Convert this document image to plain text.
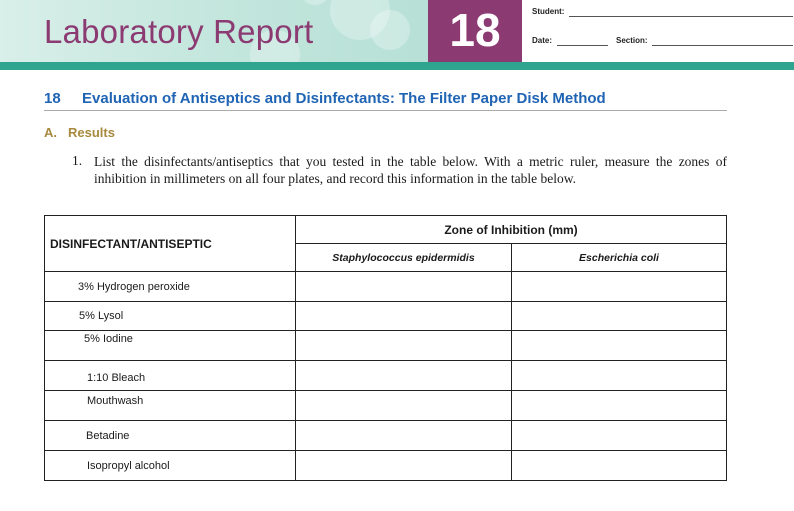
Laboratory Report	18	Student:
Date:	Section:
18 Evaluation of Antiseptics and Disinfectants: The Filter Paper Disk Method
A. Results
1. List the disinfectants/antiseptics that you tested in the table below. With a metric ruler, measure the zones of inhibition in millimeters on all four plates, and record this information in the table below.
DISINFECTANT/ANTISEPTIC	Zone of Inhibition (mm)	
	Staphylococcus epidermidis	Escherichia coli
3% Hydrogen peroxide		
5% Lysol		
5% Iodine		
1:10 Bleach		
Mouthwash		
Betadine		
Isopropyl alcohol		
